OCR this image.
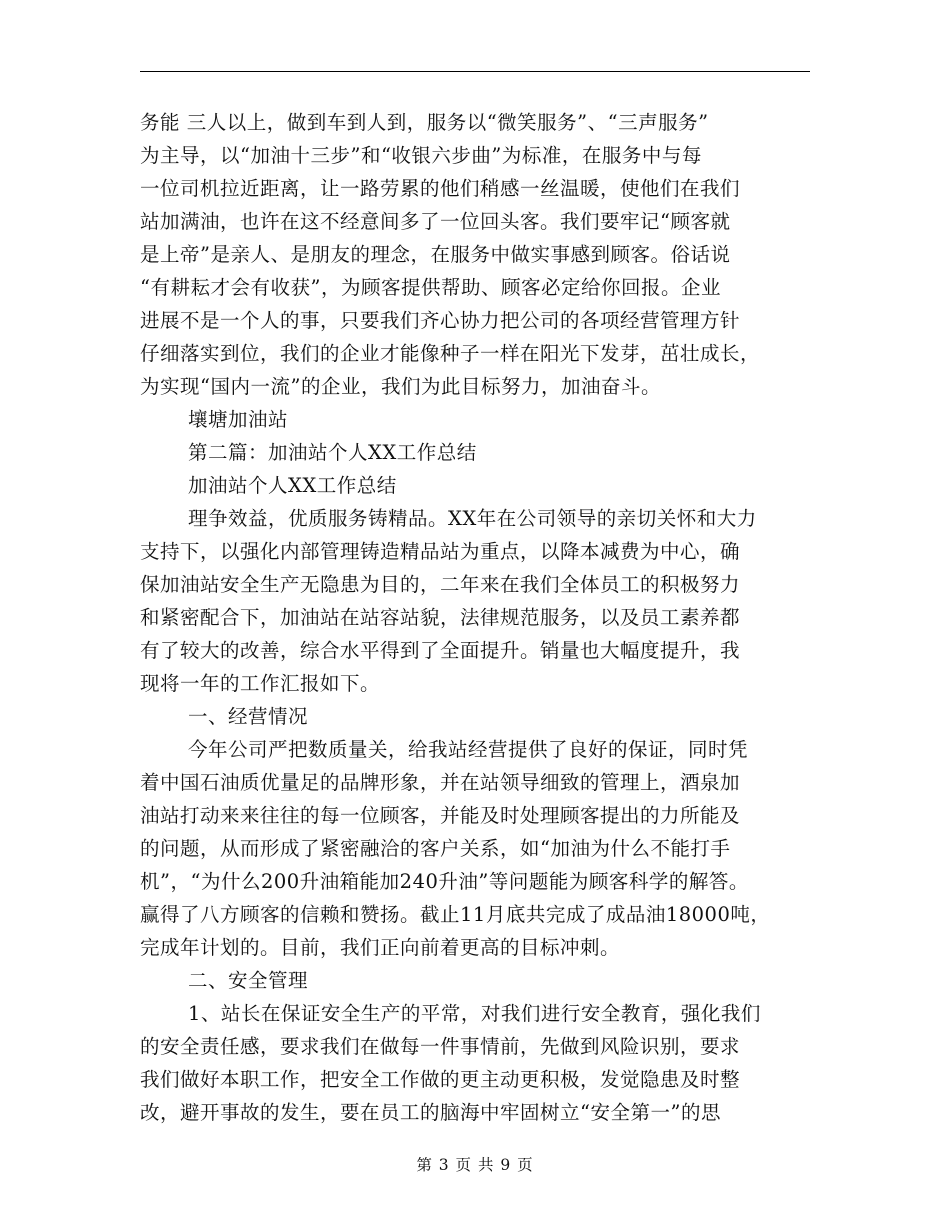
务能 三人以上，做到车到人到，服务以“微笑服务”、“三声服务”
为主导，以“加油十三步”和“收银六步曲”为标准，在服务中与每
一位司机拉近距离，让一路劳累的他们稍感一丝温暖，使他们在我们
站加满油，也许在这不经意间多了一位回头客。我们要牢记“顾客就
是上帝”是亲人、是朋友的理念，在服务中做实事感到顾客。俗话说
“有耕耘才会有收获”，为顾客提供帮助、顾客必定给你回报。企业
进展不是一个人的事，只要我们齐心协力把公司的各项经营管理方针
仔细落实到位，我们的企业才能像种子一样在阳光下发芽，茁壮成长，
为实现“国内一流”的企业，我们为此目标努力，加油奋斗。
壤塘加油站
第二篇：加油站个人XX工作总结
加油站个人XX工作总结
理争效益，优质服务铸精品。XX年在公司领导的亲切关怀和大力
支持下，以强化内部管理铸造精品站为重点，以降本减费为中心，确
保加油站安全生产无隐患为目的，二年来在我们全体员工的积极努力
和紧密配合下，加油站在站容站貌，法律规范服务，以及员工素养都
有了较大的改善，综合水平得到了全面提升。销量也大幅度提升，我
现将一年的工作汇报如下。
一、经营情况
今年公司严把数质量关，给我站经营提供了良好的保证，同时凭
着中国石油质优量足的品牌形象，并在站领导细致的管理上，酒泉加
油站打动来来往往的每一位顾客，并能及时处理顾客提出的力所能及
的问题，从而形成了紧密融洽的客户关系，如“加油为什么不能打手
机”，“为什么200升油箱能加240升油”等问题能为顾客科学的解答。
赢得了八方顾客的信赖和赞扬。截止11月底共完成了成品油18000吨，
完成年计划的。目前，我们正向前着更高的目标冲刺。
二、安全管理
1、站长在保证安全生产的平常，对我们进行安全教育，强化我们
的安全责任感，要求我们在做每一件事情前，先做到风险识别，要求
我们做好本职工作，把安全工作做的更主动更积极，发觉隐患及时整
改，避开事故的发生，要在员工的脑海中牢固树立“安全第一”的思
第 3 页 共 9 页
